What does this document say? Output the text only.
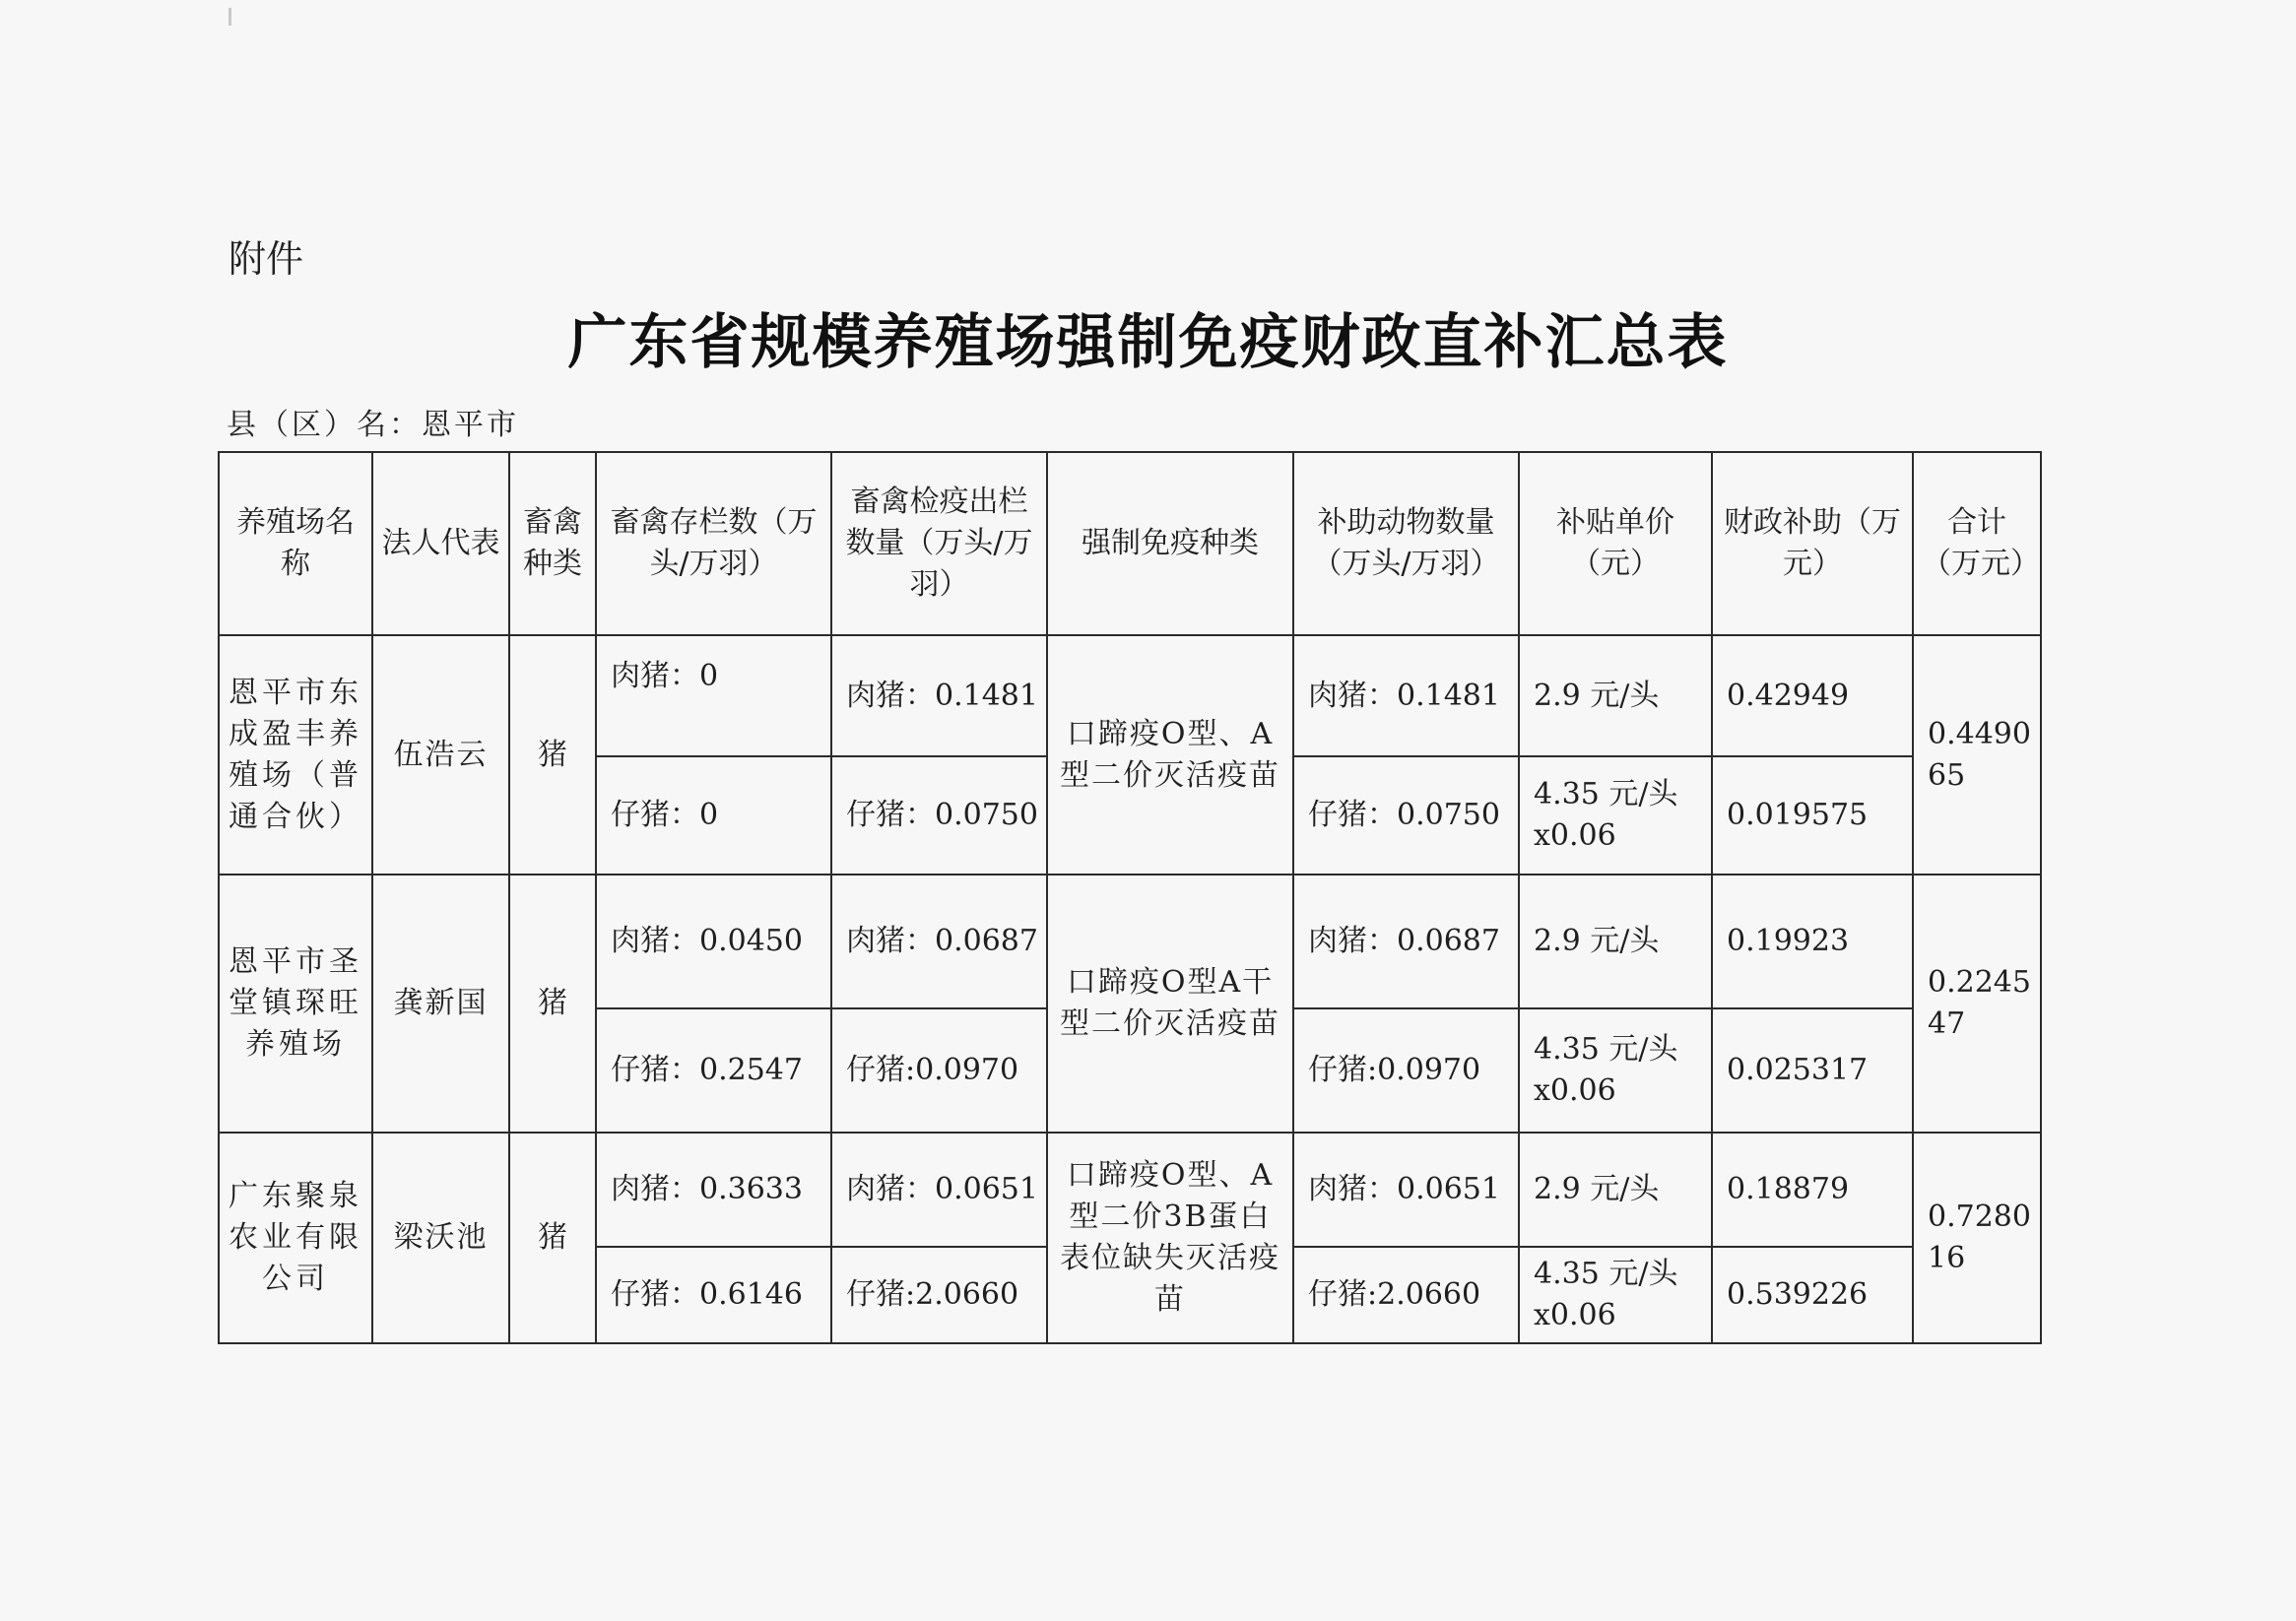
附件
广东省规模养殖场强制免疫财政直补汇总表
县（区）名：恩平市
养殖场名称	法人代表	畜禽种类	畜禽存栏数（万头/万羽）	畜禽检疫出栏数量（万头/万羽）	强制免疫种类	补助动物数量（万头/万羽）	补贴单价（元）	财政补助（万元）	合计（万元）
恩平市东成盈丰养殖场（普通合伙）	伍浩云	猪	肉猪：0	肉猪：0.1481	口蹄疫O型、A型二价灭活疫苗	肉猪：0.1481	2.9 元/头	0.42949	0.449065
			仔猪：0	仔猪：0.0750		仔猪：0.0750	4.35 元/头x0.06	0.019575	
恩平市圣堂镇琛旺养殖场	龚新国	猪	肉猪：0.0450	肉猪：0.0687	口蹄疫O型A干型二价灭活疫苗	肉猪：0.0687	2.9 元/头	0.19923	0.224547
			仔猪：0.2547	仔猪:0.0970		仔猪:0.0970	4.35 元/头x0.06	0.025317	
广东聚泉农业有限公司	梁沃池	猪	肉猪：0.3633	肉猪：0.0651	口蹄疫O型、A型二价3B蛋白表位缺失灭活疫苗	肉猪：0.0651	2.9 元/头	0.18879	0.728016
			仔猪：0.6146	仔猪:2.0660		仔猪:2.0660	4.35 元/头x0.06	0.539226	
